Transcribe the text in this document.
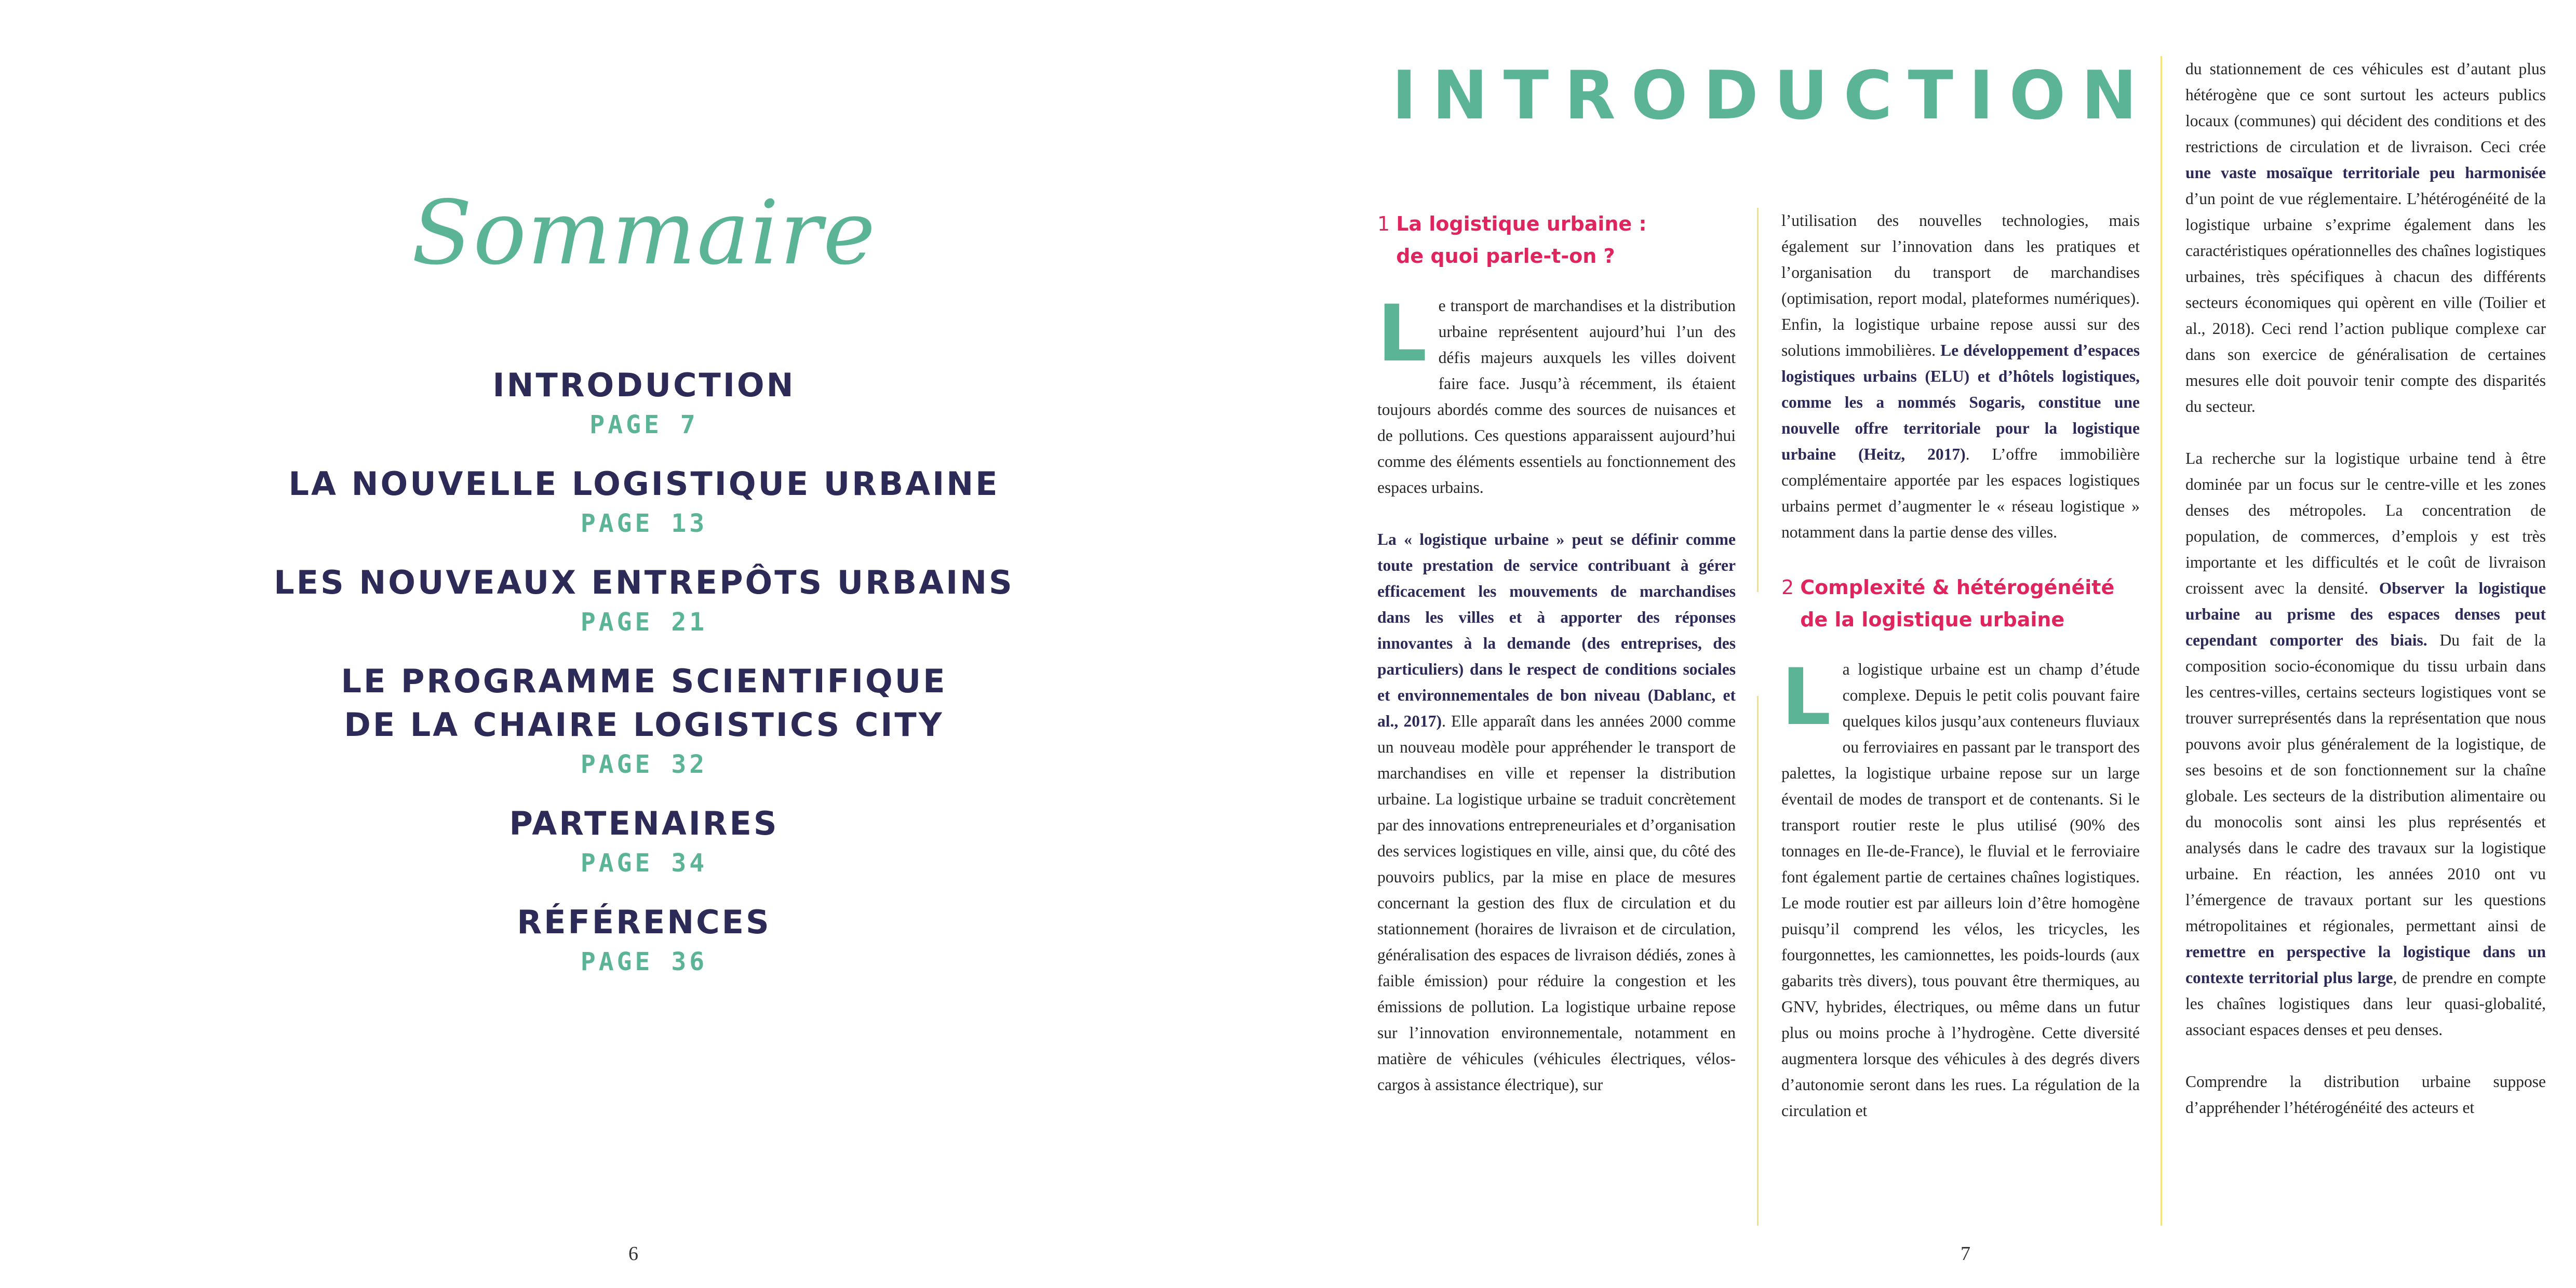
Sommaire
INTRODUCTION
PAGE 7
LA NOUVELLE LOGISTIQUE URBAINE
PAGE 13
LES NOUVEAUX ENTREPÔTS URBAINS
PAGE 21
LE PROGRAMME SCIENTIFIQUE
DE LA CHAIRE LOGISTICS CITY
PAGE 32
PARTENAIRES
PAGE 34
RÉFÉRENCES
PAGE 36
6
INTRODUCTION
1 La logistique urbaine :
de quoi parle-t-on ?

Le transport de marchandises et la distribution urbaine représentent aujourd’hui l’un des défis majeurs auxquels les villes doivent faire face. Jusqu’à récemment, ils étaient toujours abordés comme des sources de nuisances et de pollutions. Ces questions apparaissent aujourd’hui comme des éléments essentiels au fonctionnement des espaces urbains.

La « logistique urbaine » peut se définir comme toute prestation de service contribuant à gérer efficacement les mouvements de marchandises dans les villes et à apporter des réponses innovantes à la demande (des entreprises, des particuliers) dans le respect de conditions sociales et environnementales de bon niveau (Dablanc, et al., 2017). Elle apparaît dans les années 2000 comme un nouveau modèle pour appréhender le transport de marchandises en ville et repenser la distribution urbaine. La logistique urbaine se traduit concrètement par des innovations entrepreneuriales et d’organisation des services logistiques en ville, ainsi que, du côté des pouvoirs publics, par la mise en place de mesures concernant la gestion des flux de circulation et du stationnement (horaires de livraison et de circulation, généralisation des espaces de livraison dédiés, zones à faible émission) pour réduire la congestion et les émissions de pollution. La logistique urbaine repose sur l’innovation environnementale, notamment en matière de véhicules (véhicules électriques, vélos-cargos à assistance électrique), sur

l’utilisation des nouvelles technologies, mais également sur l’innovation dans les pratiques et l’organisation du transport de marchandises (optimisation, report modal, plateformes numériques). Enfin, la logistique urbaine repose aussi sur des solutions immobilières. Le développement d’espaces logistiques urbains (ELU) et d’hôtels logistiques, comme les a nommés Sogaris, constitue une nouvelle offre territoriale pour la logistique urbaine (Heitz, 2017). L’offre immobilière complémentaire apportée par les espaces logistiques urbains permet d’augmenter le « réseau logistique » notamment dans la partie dense des villes.

2 Complexité & hétérogénéité
de la logistique urbaine

La logistique urbaine est un champ d’étude complexe. Depuis le petit colis pouvant faire quelques kilos jusqu’aux conteneurs fluviaux ou ferroviaires en passant par le transport des palettes, la logistique urbaine repose sur un large éventail de modes de transport et de contenants. Si le transport routier reste le plus utilisé (90% des tonnages en Ile-de-France), le fluvial et le ferroviaire font également partie de certaines chaînes logistiques. Le mode routier est par ailleurs loin d’être homogène puisqu’il comprend les vélos, les tricycles, les fourgonnettes, les camionnettes, les poids-lourds (aux gabarits très divers), tous pouvant être thermiques, au GNV, hybrides, électriques, ou même dans un futur plus ou moins proche à l’hydrogène. Cette diversité augmentera lorsque des véhicules à des degrés divers d’autonomie seront dans les rues. La régulation de la circulation et

du stationnement de ces véhicules est d’autant plus hétérogène que ce sont surtout les acteurs publics locaux (communes) qui décident des conditions et des restrictions de circulation et de livraison. Ceci crée une vaste mosaïque territoriale peu harmonisée d’un point de vue réglementaire. L’hétérogénéité de la logistique urbaine s’exprime également dans les caractéristiques opérationnelles des chaînes logistiques urbaines, très spécifiques à chacun des différents secteurs économiques qui opèrent en ville (Toilier et al., 2018). Ceci rend l’action publique complexe car dans son exercice de généralisation de certaines mesures elle doit pouvoir tenir compte des disparités du secteur.

La recherche sur la logistique urbaine tend à être dominée par un focus sur le centre-ville et les zones denses des métropoles. La concentration de population, de commerces, d’emplois y est très importante et les difficultés et le coût de livraison croissent avec la densité. Observer la logistique urbaine au prisme des espaces denses peut cependant comporter des biais. Du fait de la composition socio-économique du tissu urbain dans les centres-villes, certains secteurs logistiques vont se trouver surreprésentés dans la représentation que nous pouvons avoir plus généralement de la logistique, de ses besoins et de son fonctionnement sur la chaîne globale. Les secteurs de la distribution alimentaire ou du monocolis sont ainsi les plus représentés et analysés dans le cadre des travaux sur la logistique urbaine. En réaction, les années 2010 ont vu l’émergence de travaux portant sur les questions métropolitaines et régionales, permettant ainsi de remettre en perspective la logistique dans un contexte territorial plus large, de prendre en compte les chaînes logistiques dans leur quasi-globalité, associant espaces denses et peu denses.

Comprendre la distribution urbaine suppose d’appréhender l’hétérogénéité des acteurs et

7
